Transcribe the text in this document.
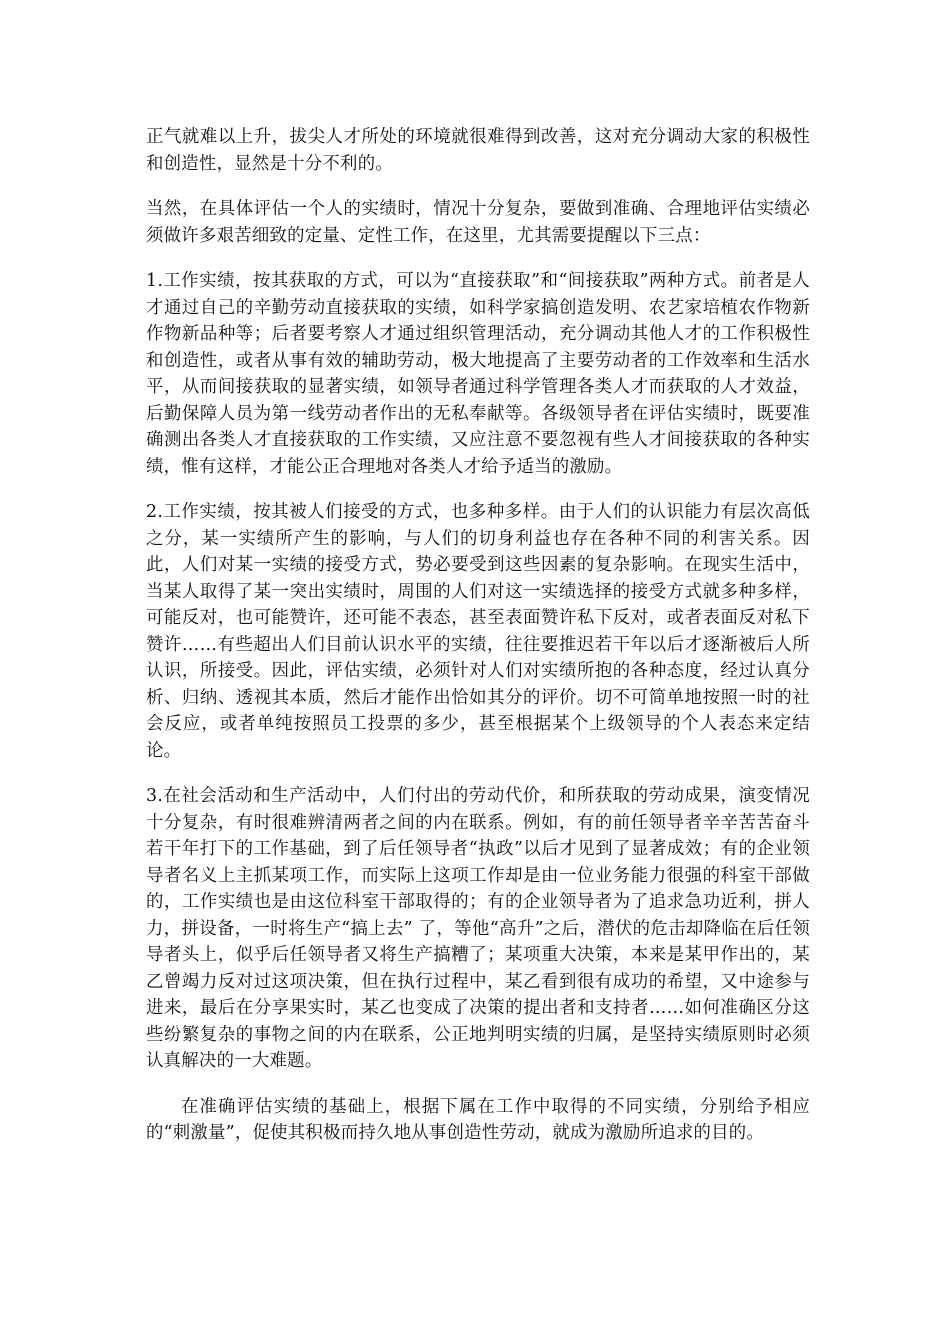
正气就难以上升，拔尖人才所处的环境就很难得到改善，这对充分调动大家的积极性和创造性，显然是十分不利的。

当然，在具体评估一个人的实绩时，情况十分复杂，要做到准确、合理地评估实绩必须做许多艰苦细致的定量、定性工作，在这里，尤其需要提醒以下三点：

1.工作实绩，按其获取的方式，可以为“直接获取”和“间接获取”两种方式。前者是人才通过自己的辛勤劳动直接获取的实绩，如科学家搞创造发明、农艺家培植农作物新作物新品种等；后者要考察人才通过组织管理活动，充分调动其他人才的工作积极性和创造性，或者从事有效的辅助劳动，极大地提高了主要劳动者的工作效率和生活水平，从而间接获取的显著实绩，如领导者通过科学管理各类人才而获取的人才效益，后勤保障人员为第一线劳动者作出的无私奉献等。各级领导者在评估实绩时，既要准确测出各类人才直接获取的工作实绩，又应注意不要忽视有些人才间接获取的各种实绩，惟有这样，才能公正合理地对各类人才给予适当的激励。

2.工作实绩，按其被人们接受的方式，也多种多样。由于人们的认识能力有层次高低之分，某一实绩所产生的影响，与人们的切身利益也存在各种不同的利害关系。因此，人们对某一实绩的接受方式，势必要受到这些因素的复杂影响。在现实生活中，当某人取得了某一突出实绩时，周围的人们对这一实绩选择的接受方式就多种多样，可能反对，也可能赞许，还可能不表态，甚至表面赞许私下反对，或者表面反对私下赞许……有些超出人们目前认识水平的实绩，往往要推迟若干年以后才逐渐被后人所认识，所接受。因此，评估实绩，必须针对人们对实绩所抱的各种态度，经过认真分析、归纳、透视其本质，然后才能作出恰如其分的评价。切不可简单地按照一时的社会反应，或者单纯按照员工投票的多少，甚至根据某个上级领导的个人表态来定结论。

3.在社会活动和生产活动中，人们付出的劳动代价，和所获取的劳动成果，演变情况十分复杂，有时很难辨清两者之间的内在联系。例如，有的前任领导者辛辛苦苦奋斗若干年打下的工作基础，到了后任领导者“执政”以后才见到了显著成效；有的企业领导者名义上主抓某项工作，而实际上这项工作却是由一位业务能力很强的科室干部做的，工作实绩也是由这位科室干部取得的；有的企业领导者为了追求急功近利，拼人力，拼设备，一时将生产“搞上去” 了，等他“高升”之后，潜伏的危击却降临在后任领导者头上，似乎后任领导者又将生产搞糟了；某项重大决策，本来是某甲作出的，某乙曾竭力反对过这项决策，但在执行过程中，某乙看到很有成功的希望，又中途参与进来，最后在分享果实时，某乙也变成了决策的提出者和支持者……如何准确区分这些纷繁复杂的事物之间的内在联系，公正地判明实绩的归属，是坚持实绩原则时必须认真解决的一大难题。

在准确评估实绩的基础上，根据下属在工作中取得的不同实绩，分别给予相应的“刺激量”，促使其积极而持久地从事创造性劳动，就成为激励所追求的目的。
